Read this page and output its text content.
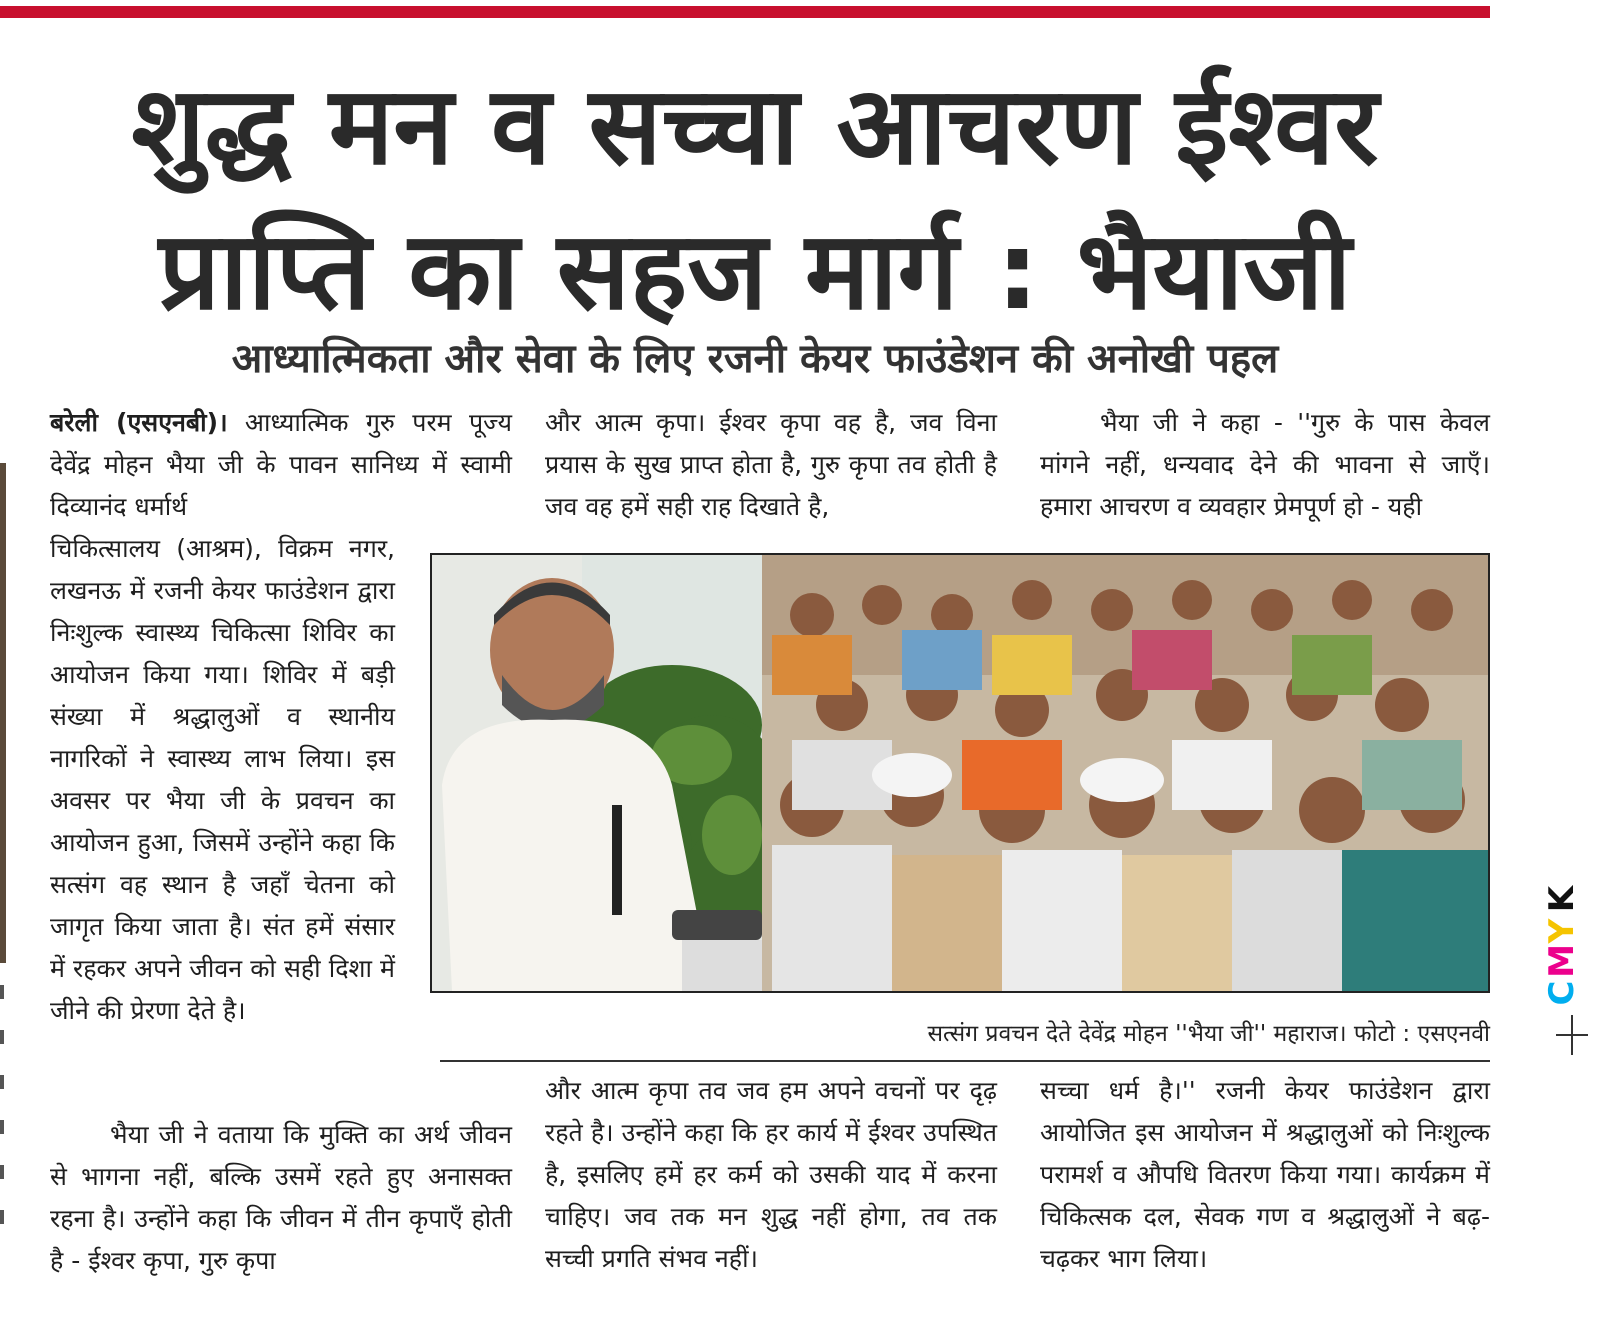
शुद्ध मन व सच्चा आचरण ईश्वर
प्राप्ति का सहज मार्ग : भैयाजी
आध्यात्मिकता और सेवा के लिए रजनी केयर फाउंडेशन की अनोखी पहल

बरेली (एसएनबी)। आध्यात्मिक गुरु परम पूज्य देवेंद्र मोहन भैया जी के पावन सानिध्य में स्वामी दिव्यानंद धर्मार्थ

चिकित्सालय (आश्रम), विक्रम नगर, लखनऊ में रजनी केयर फाउंडेशन द्वारा निःशुल्क स्वास्थ्य चिकित्सा शिविर का आयोजन किया गया। शिविर में बड़ी संख्या में श्रद्धालुओं व स्थानीय नागरिकों ने स्वास्थ्य लाभ लिया। इस अवसर पर भैया जी के प्रवचन का आयोजन हुआ, जिसमें उन्होंने कहा कि सत्संग वह स्थान है जहाँ चेतना को जागृत किया जाता है। संत हमें संसार में रहकर अपने जीवन को सही दिशा में जीने की प्रेरणा देते है।

भैया जी ने वताया कि मुक्ति का अर्थ जीवन से भागना नहीं, बल्कि उसमें रहते हुए अनासक्त रहना है। उन्होंने कहा कि जीवन में तीन कृपाएँ होती है - ईश्वर कृपा, गुरु कृपा

और आत्म कृपा। ईश्वर कृपा वह है, जव विना प्रयास के सुख प्राप्त होता है, गुरु कृपा तव होती है जव वह हमें सही राह दिखाते है,

और आत्म कृपा तव जव हम अपने वचनों पर दृढ़ रहते है। उन्होंने कहा कि हर कार्य में ईश्वर उपस्थित है, इसलिए हमें हर कर्म को उसकी याद में करना चाहिए। जव तक मन शुद्ध नहीं होगा, तव तक सच्ची प्रगति संभव नहीं।

भैया जी ने कहा - ''गुरु के पास केवल मांगने नहीं, धन्यवाद देने की भावना से जाएँ। हमारा आचरण व व्यवहार प्रेमपूर्ण हो - यही

सच्चा धर्म है।'' रजनी केयर फाउंडेशन द्वारा आयोजित इस आयोजन में श्रद्धालुओं को निःशुल्क परामर्श व औपधि वितरण किया गया। कार्यक्रम में चिकित्सक दल, सेवक गण व श्रद्धालुओं ने बढ़-चढ़कर भाग लिया।

सत्संग प्रवचन देते देवेंद्र मोहन ''भैया जी'' महाराज। फोटो : एसएनवी
C
M
Y
K
